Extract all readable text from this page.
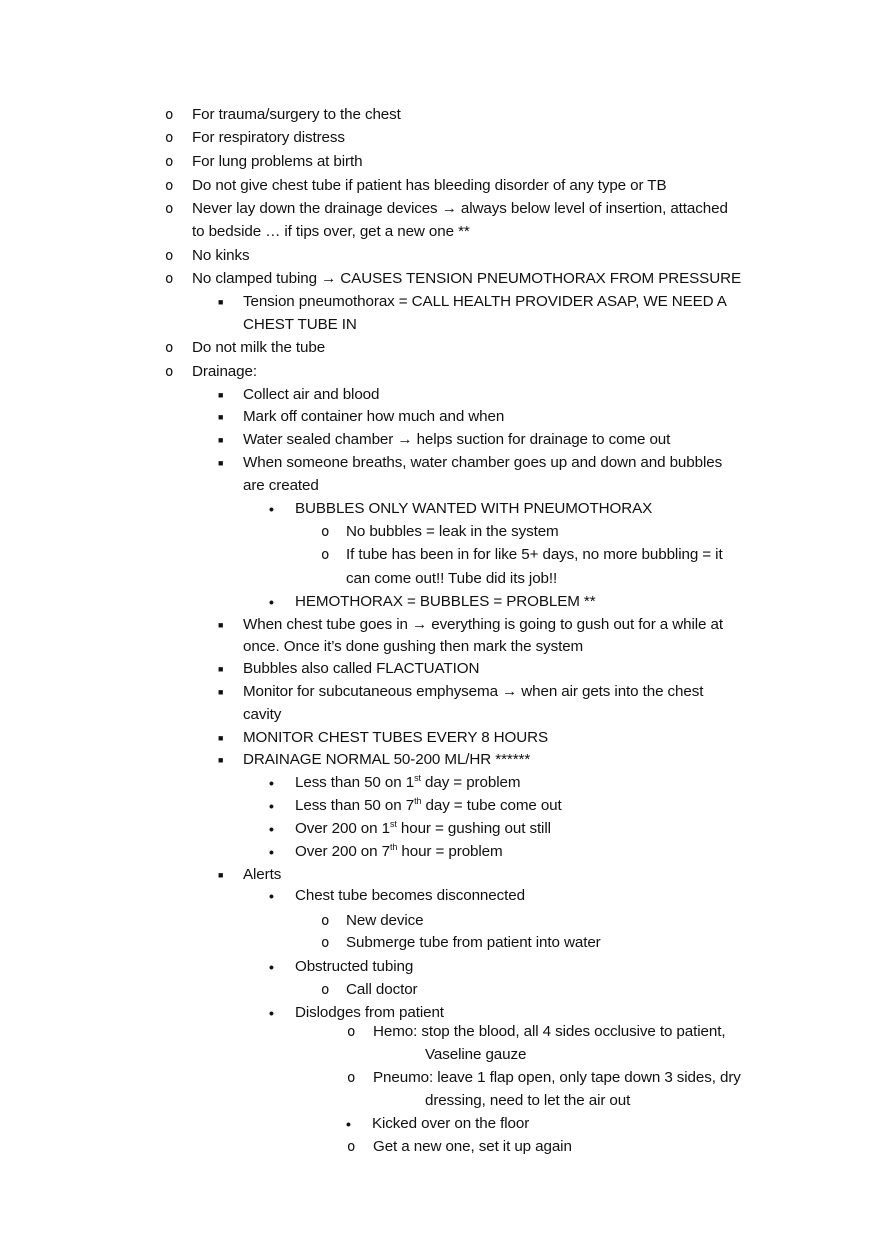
o For trauma/surgery to the chest
o For respiratory distress
o For lung problems at birth
o Do not give chest tube if patient has bleeding disorder of any type or TB
o Never lay down the drainage devices → always below level of insertion, attached
to bedside … if tips over, get a new one **
o No kinks
o No clamped tubing → CAUSES TENSION PNEUMOTHORAX FROM PRESSURE
■ Tension pneumothorax = CALL HEALTH PROVIDER ASAP, WE NEED A
CHEST TUBE IN
o Do not milk the tube
o Drainage:
■ Collect air and blood
■ Mark off container how much and when
■ Water sealed chamber → helps suction for drainage to come out
■ When someone breaths, water chamber goes up and down and bubbles
are created
• BUBBLES ONLY WANTED WITH PNEUMOTHORAX
o No bubbles = leak in the system
o If tube has been in for like 5+ days, no more bubbling = it
can come out!! Tube did its job!!
• HEMOTHORAX = BUBBLES = PROBLEM **
■ When chest tube goes in → everything is going to gush out for a while at
once. Once it’s done gushing then mark the system
■ Bubbles also called FLACTUATION
■ Monitor for subcutaneous emphysema → when air gets into the chest
cavity
■ MONITOR CHEST TUBES EVERY 8 HOURS
■ DRAINAGE NORMAL 50-200 ML/HR ******
• Less than 50 on 1st day = problem
• Less than 50 on 7th day = tube come out
• Over 200 on 1st hour = gushing out still
• Over 200 on 7th hour = problem
■ Alerts
• Chest tube becomes disconnected
o New device
o Submerge tube from patient into water
• Obstructed tubing
o Call doctor
• Dislodges from patient
o Hemo: stop the blood, all 4 sides occlusive to patient,
Vaseline gauze
o Pneumo: leave 1 flap open, only tape down 3 sides, dry
dressing, need to let the air out
• Kicked over on the floor
o Get a new one, set it up again
